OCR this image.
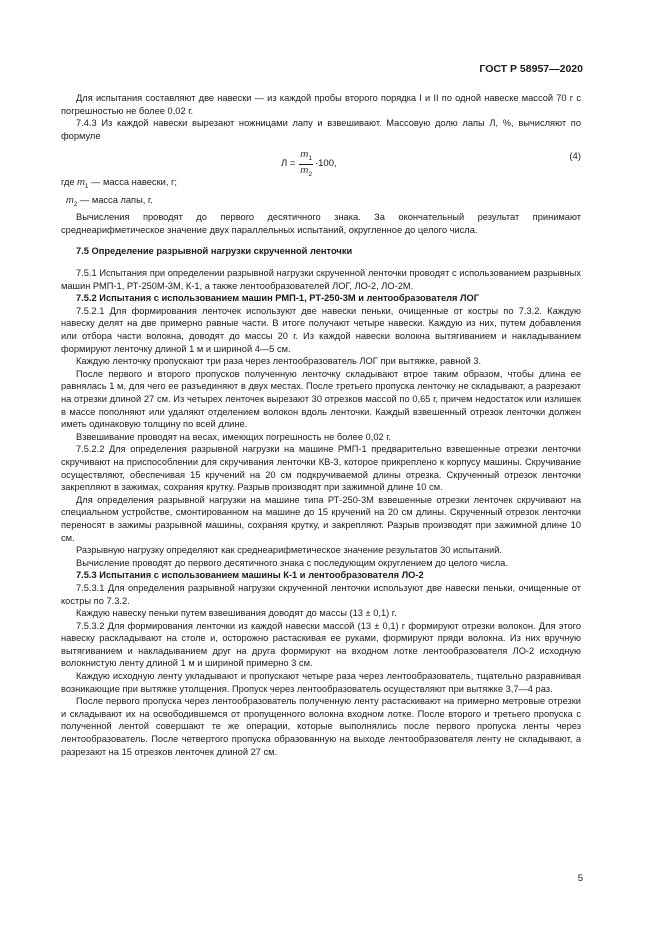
ГОСТ Р 58957—2020

Для испытания составляют две навески — из каждой пробы второго порядка I и II по одной навеске массой 70 г с погрешностью не более 0,02 г.

7.4.3 Из каждой навески вырезают ножницами лапу и взвешивают. Массовую долю лапы Л, %, вычисляют по формуле

$Л = \frac{m_1}{m_2} \cdot 100$,
(4)

где $m_1$ — масса навески, г;

$m_2$ — масса лапы, г.

Вычисления проводят до первого десятичного знака. За окончательный результат принимают среднеарифметическое значение двух параллельных испытаний, округленное до целого числа.

7.5 Определение разрывной нагрузки скрученной ленточки

7.5.1 Испытания при определении разрывной нагрузки скрученной ленточки проводят с использованием разрывных машин РМП-1, РТ-250М-3М, К-1, а также лентообразователей ЛОГ, ЛО-2, ЛО-2М.

7.5.2 Испытания с использованием машин РМП-1, РТ-250-3М и лентообразователя ЛОГ

7.5.2.1 Для формирования ленточек используют две навески пеньки, очищенные от костры по 7.3.2. Каждую навеску делят на две примерно равные части. В итоге получают четыре навески. Каждую из них, путем добавления или отбора части волокна, доводят до массы 20 г. Из каждой навески волокна вытягиванием и накладыванием формируют ленточку длиной 1 м и шириной 4—5 см.

Каждую ленточку пропускают три раза через лентообразователь ЛОГ при вытяжке, равной 3.

После первого и второго пропусков полученную ленточку складывают втрое таким образом, чтобы длина ее равнялась 1 м, для чего ее разъединяют в двух местах. После третьего пропуска ленточку не складывают, а разрезают на отрезки длиной 27 см. Из четырех ленточек вырезают 30 отрезков массой по 0,65 г, причем недостаток или излишек в массе пополняют или удаляют отделением волокон вдоль ленточки. Каждый взвешенный отрезок ленточки должен иметь одинаковую толщину по всей длине.

Взвешивание проводят на весах, имеющих погрешность не более 0,02 г.

7.5.2.2 Для определения разрывной нагрузки на машине РМП-1 предварительно взвешенные отрезки ленточки скручивают на приспособлении для скручивания ленточки КВ-3, которое прикреплено к корпусу машины. Скручивание осуществляют, обеспечивая 15 кручений на 20 см подкручиваемой длины отрезка. Скрученный отрезок ленточки закрепляют в зажимах, сохраняя крутку. Разрыв производят при зажимной длине 10 см.

Для определения разрывной нагрузки на машине типа РТ-250-3М взвешенные отрезки ленточек скручивают на специальном устройстве, смонтированном на машине до 15 кручений на 20 см длины. Скрученный отрезок ленточки переносят в зажимы разрывной машины, сохраняя крутку, и закрепляют. Разрыв производят при зажимной длине 10 см.

Разрывную нагрузку определяют как среднеарифметическое значение результатов 30 испытаний.

Вычисление проводят до первого десятичного знака с последующим округлением до целого числа.

7.5.3 Испытания с использованием машины К-1 и лентообразователя ЛО-2

7.5.3.1 Для определения разрывной нагрузки скрученной ленточки используют две навески пеньки, очищенные от костры по 7.3.2.

Каждую навеску пеньки путем взвешивания доводят до массы (13 ± 0,1) г.

7.5.3.2 Для формирования ленточки из каждой навески массой (13 ± 0,1) г формируют отрезки волокон. Для этого навеску раскладывают на столе и, осторожно растаскивая ее руками, формируют пряди волокна. Из них вручную вытягиванием и накладыванием друг на друга формируют на входном лотке лентообразователя ЛО-2 исходную волокнистую ленту длиной 1 м и шириной примерно 3 см.

Каждую исходную ленту укладывают и пропускают четыре раза через лентообразователь, тщательно разравнивая возникающие при вытяжке утолщения. Пропуск через лентообразователь осуществляют при вытяжке 3,7—4 раз.

После первого пропуска через лентообразователь полученную ленту растаскивают на примерно метровые отрезки и складывают их на освободившемся от пропущенного волокна входном лотке. После второго и третьего пропуска с полученной лентой совершают те же операции, которые выполнялись после первого пропуска ленты через лентообразователь. После четвертого пропуска образованную на выходе лентообразователя ленту не складывают, а разрезают на 15 отрезков ленточек длиной 27 см.

5
